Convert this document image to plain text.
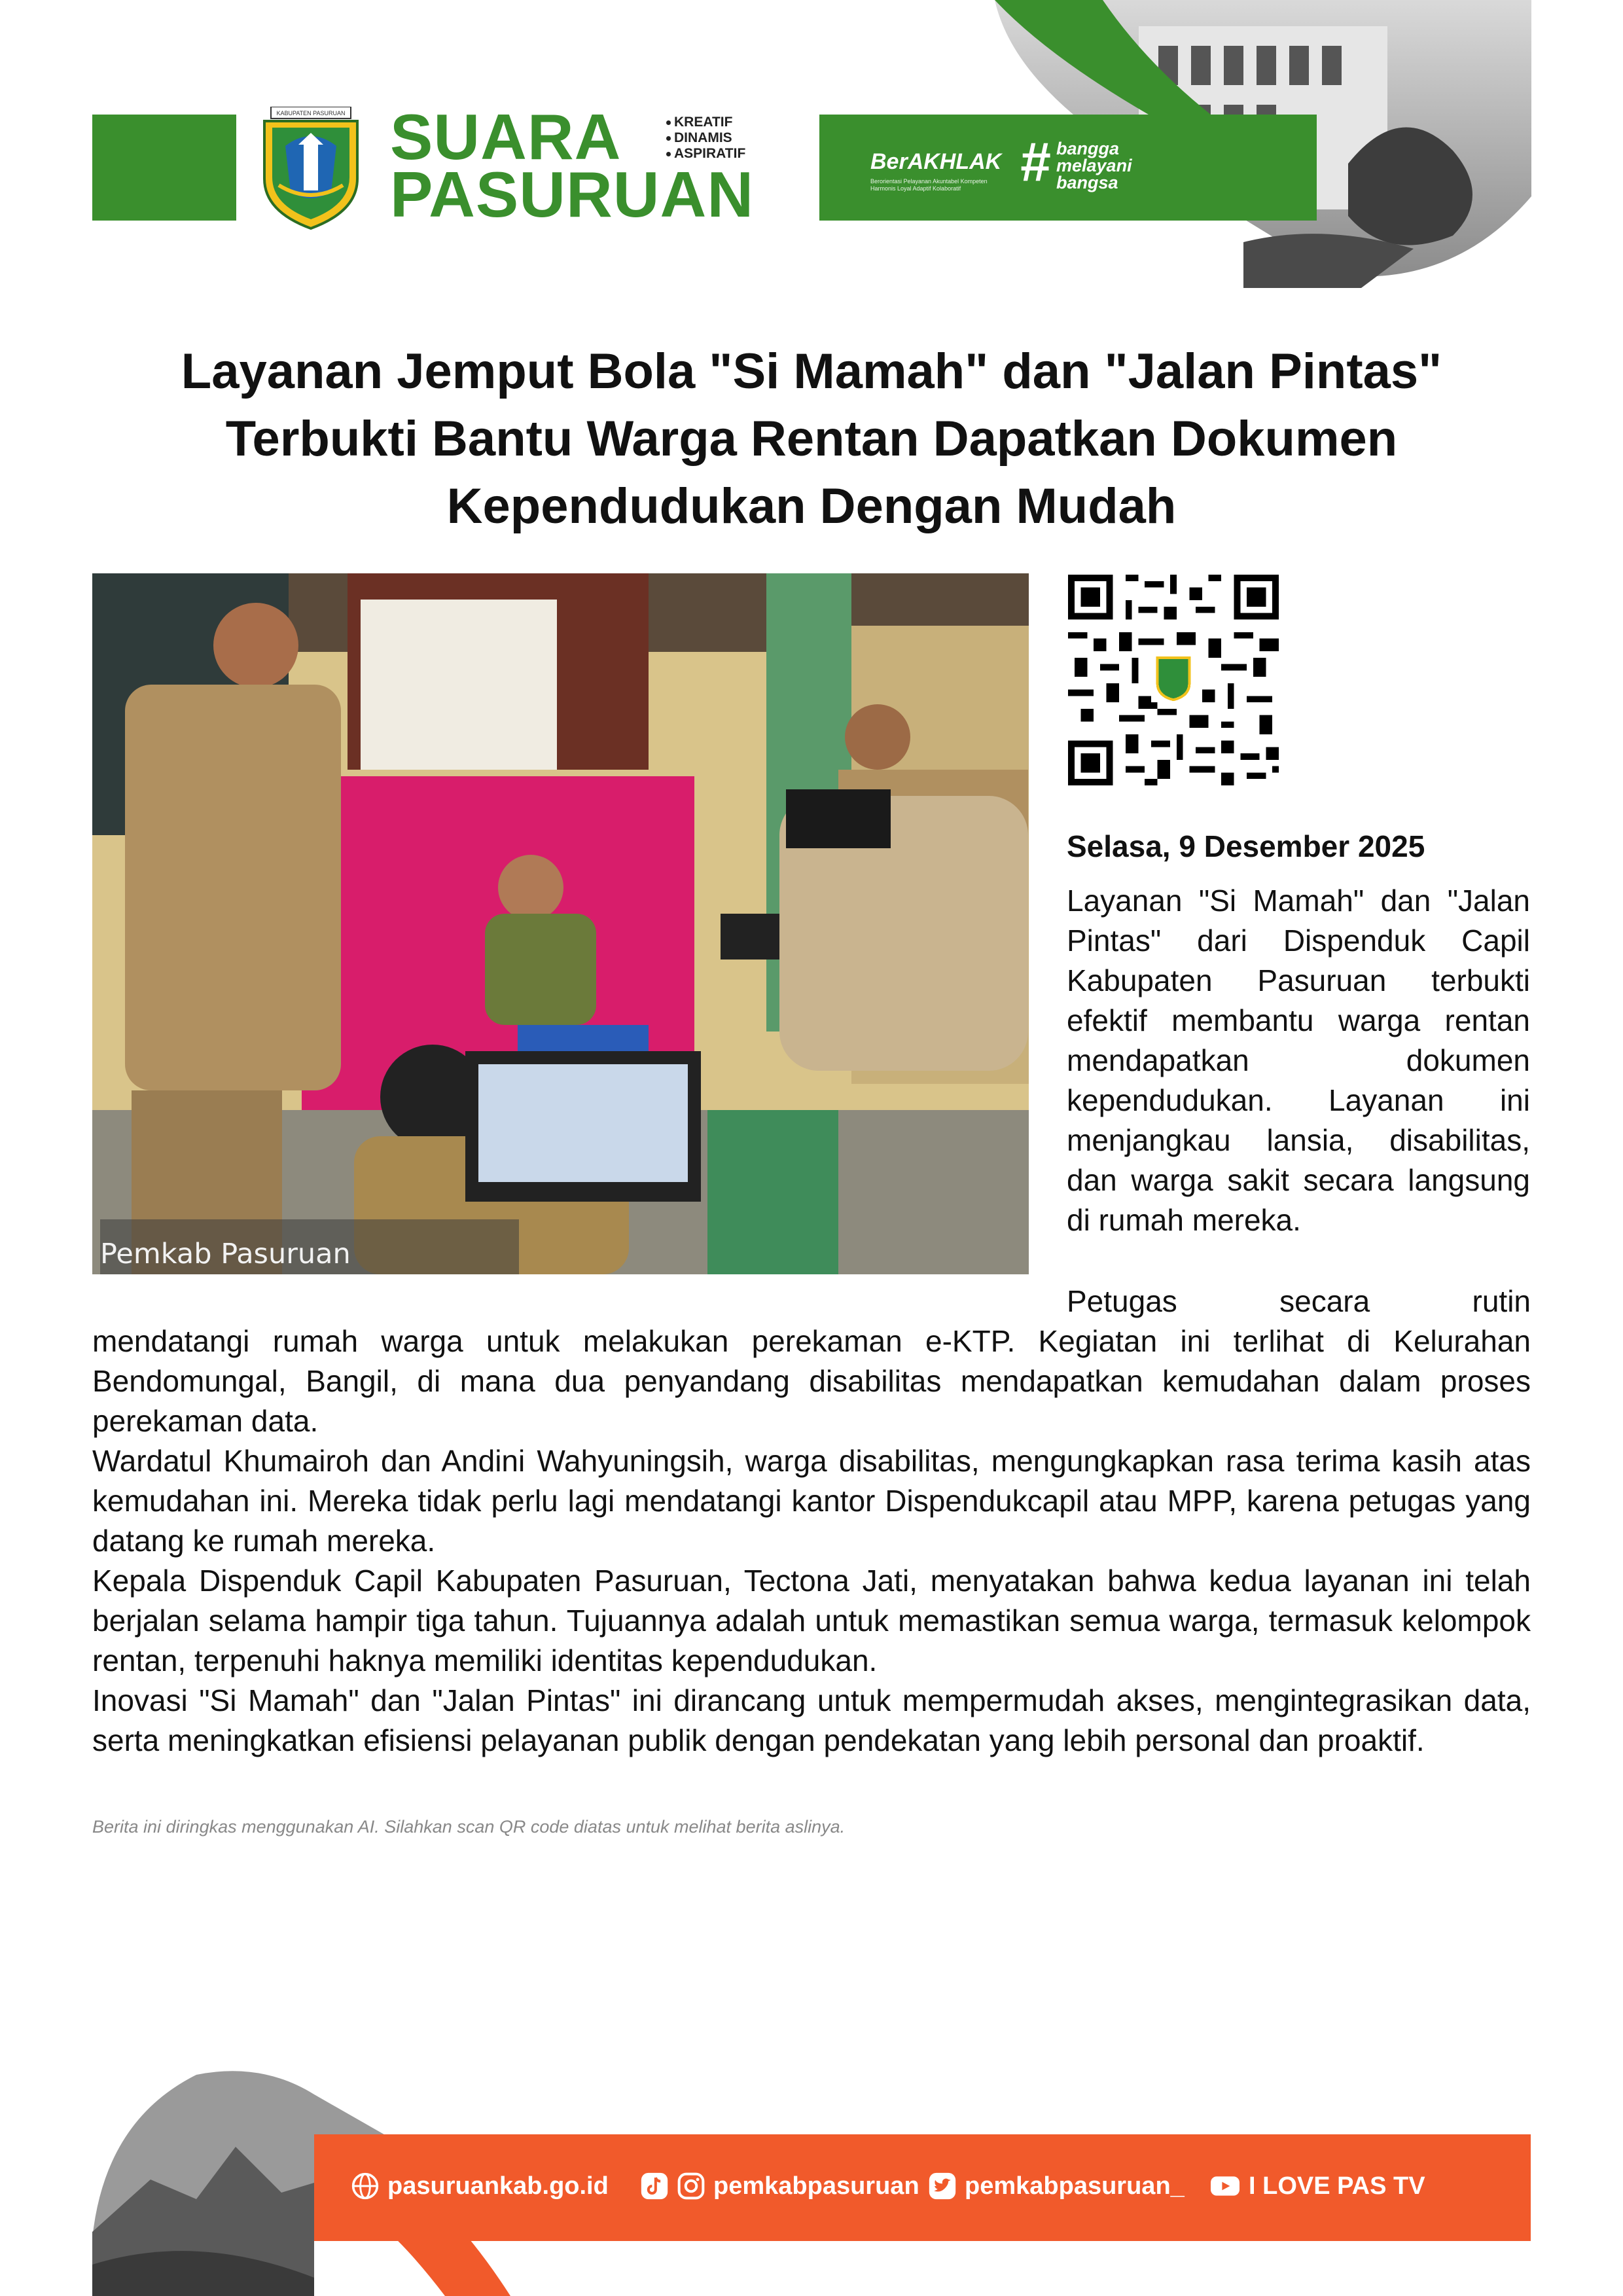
KABUPATEN PASURUAN SUARA
PASURUAN
KREATIF
DINAMIS
ASPIRATIF	BerAKHLAK
Berorientasi Pelayanan Akuntabel Kompeten Harmonis Loyal Adaptif Kolaboratif	# bangga
melayani
bangsa
Layanan Jemput Bola "Si Mamah" dan "Jalan Pintas"
Terbukti Bantu Warga Rentan Dapatkan Dokumen
Kependudukan Dengan Mudah
Pemkab Pasuruan
Selasa, 9 Desember 2025

Layanan "Si Mamah" dan "Jalan Pintas" dari Dispenduk Capil Kabupaten Pasuruan terbukti efektif membantu warga rentan mendapatkan dokumen kependudukan. Layanan ini menjangkau lansia, disabilitas, dan warga sakit secara langsung di rumah mereka.

Petugas secara rutin
mendatangi rumah warga untuk melakukan perekaman e-KTP. Kegiatan ini terlihat di Kelurahan Bendomungal, Bangil, di mana dua penyandang disabilitas mendapatkan kemudahan dalam proses perekaman data.

Wardatul Khumairoh dan Andini Wahyuningsih, warga disabilitas, mengungkapkan rasa terima kasih atas kemudahan ini. Mereka tidak perlu lagi mendatangi kantor Dispendukcapil atau MPP, karena petugas yang datang ke rumah mereka.

Kepala Dispenduk Capil Kabupaten Pasuruan, Tectona Jati, menyatakan bahwa kedua layanan ini telah berjalan selama hampir tiga tahun. Tujuannya adalah untuk memastikan semua warga, termasuk kelompok rentan, terpenuhi haknya memiliki identitas kependudukan.

Inovasi "Si Mamah" dan "Jalan Pintas" ini dirancang untuk mempermudah akses, mengintegrasikan data, serta meningkatkan efisiensi pelayanan publik dengan pendekatan yang lebih personal dan proaktif.

Berita ini diringkas menggunakan AI. Silahkan scan QR code diatas untuk melihat berita aslinya.
pasuruankab.go.id	pemkabpasuruan pemkabpasuruan_	I LOVE PAS TV
